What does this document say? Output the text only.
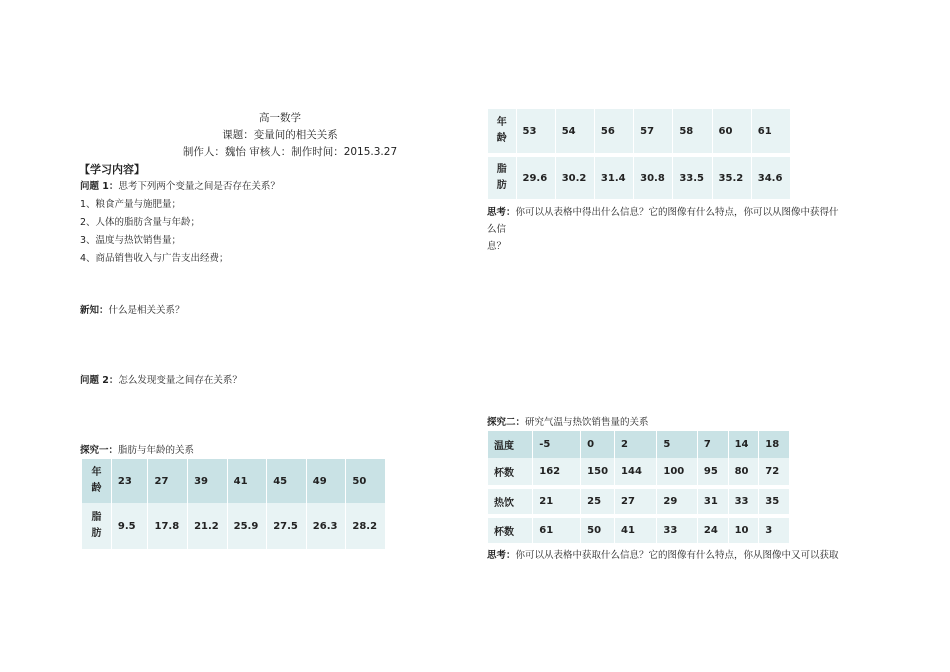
高一数学
课题：变量间的相关关系
制作人：魏怡 审核人：制作时间：2015.3.27
【学习内容】
问题 1：思考下列两个变量之间是否存在关系？
1、粮食产量与施肥量；
2、人体的脂肪含量与年龄；
3、温度与热饮销售量；
4、商品销售收入与广告支出经费；
新知：什么是相关关系？
问题 2：怎么发现变量之间存在关系？
探究一：脂肪与年龄的关系
年
龄	23	27	39	41	45	49	50
脂
肪	9.5	17.8	21.2	25.9	27.5	26.3	28.2
年
龄	53	54	56	57	58	60	61

脂
肪	29.6	30.2	31.4	30.8	33.5	35.2	34.6
思考：你可以从表格中得出什么信息？它的图像有什么特点，你可以从图像中获得什
么信
息？
探究二：研究气温与热饮销售量的关系
温度	-5	0	2	5	7	14	18
杯数	162	150	144	100	95	80	72

热饮	21	25	27	29	31	33	35

杯数	61	50	41	33	24	10	3
思考：你可以从表格中获取什么信息？它的图像有什么特点，你从图像中又可以获取
